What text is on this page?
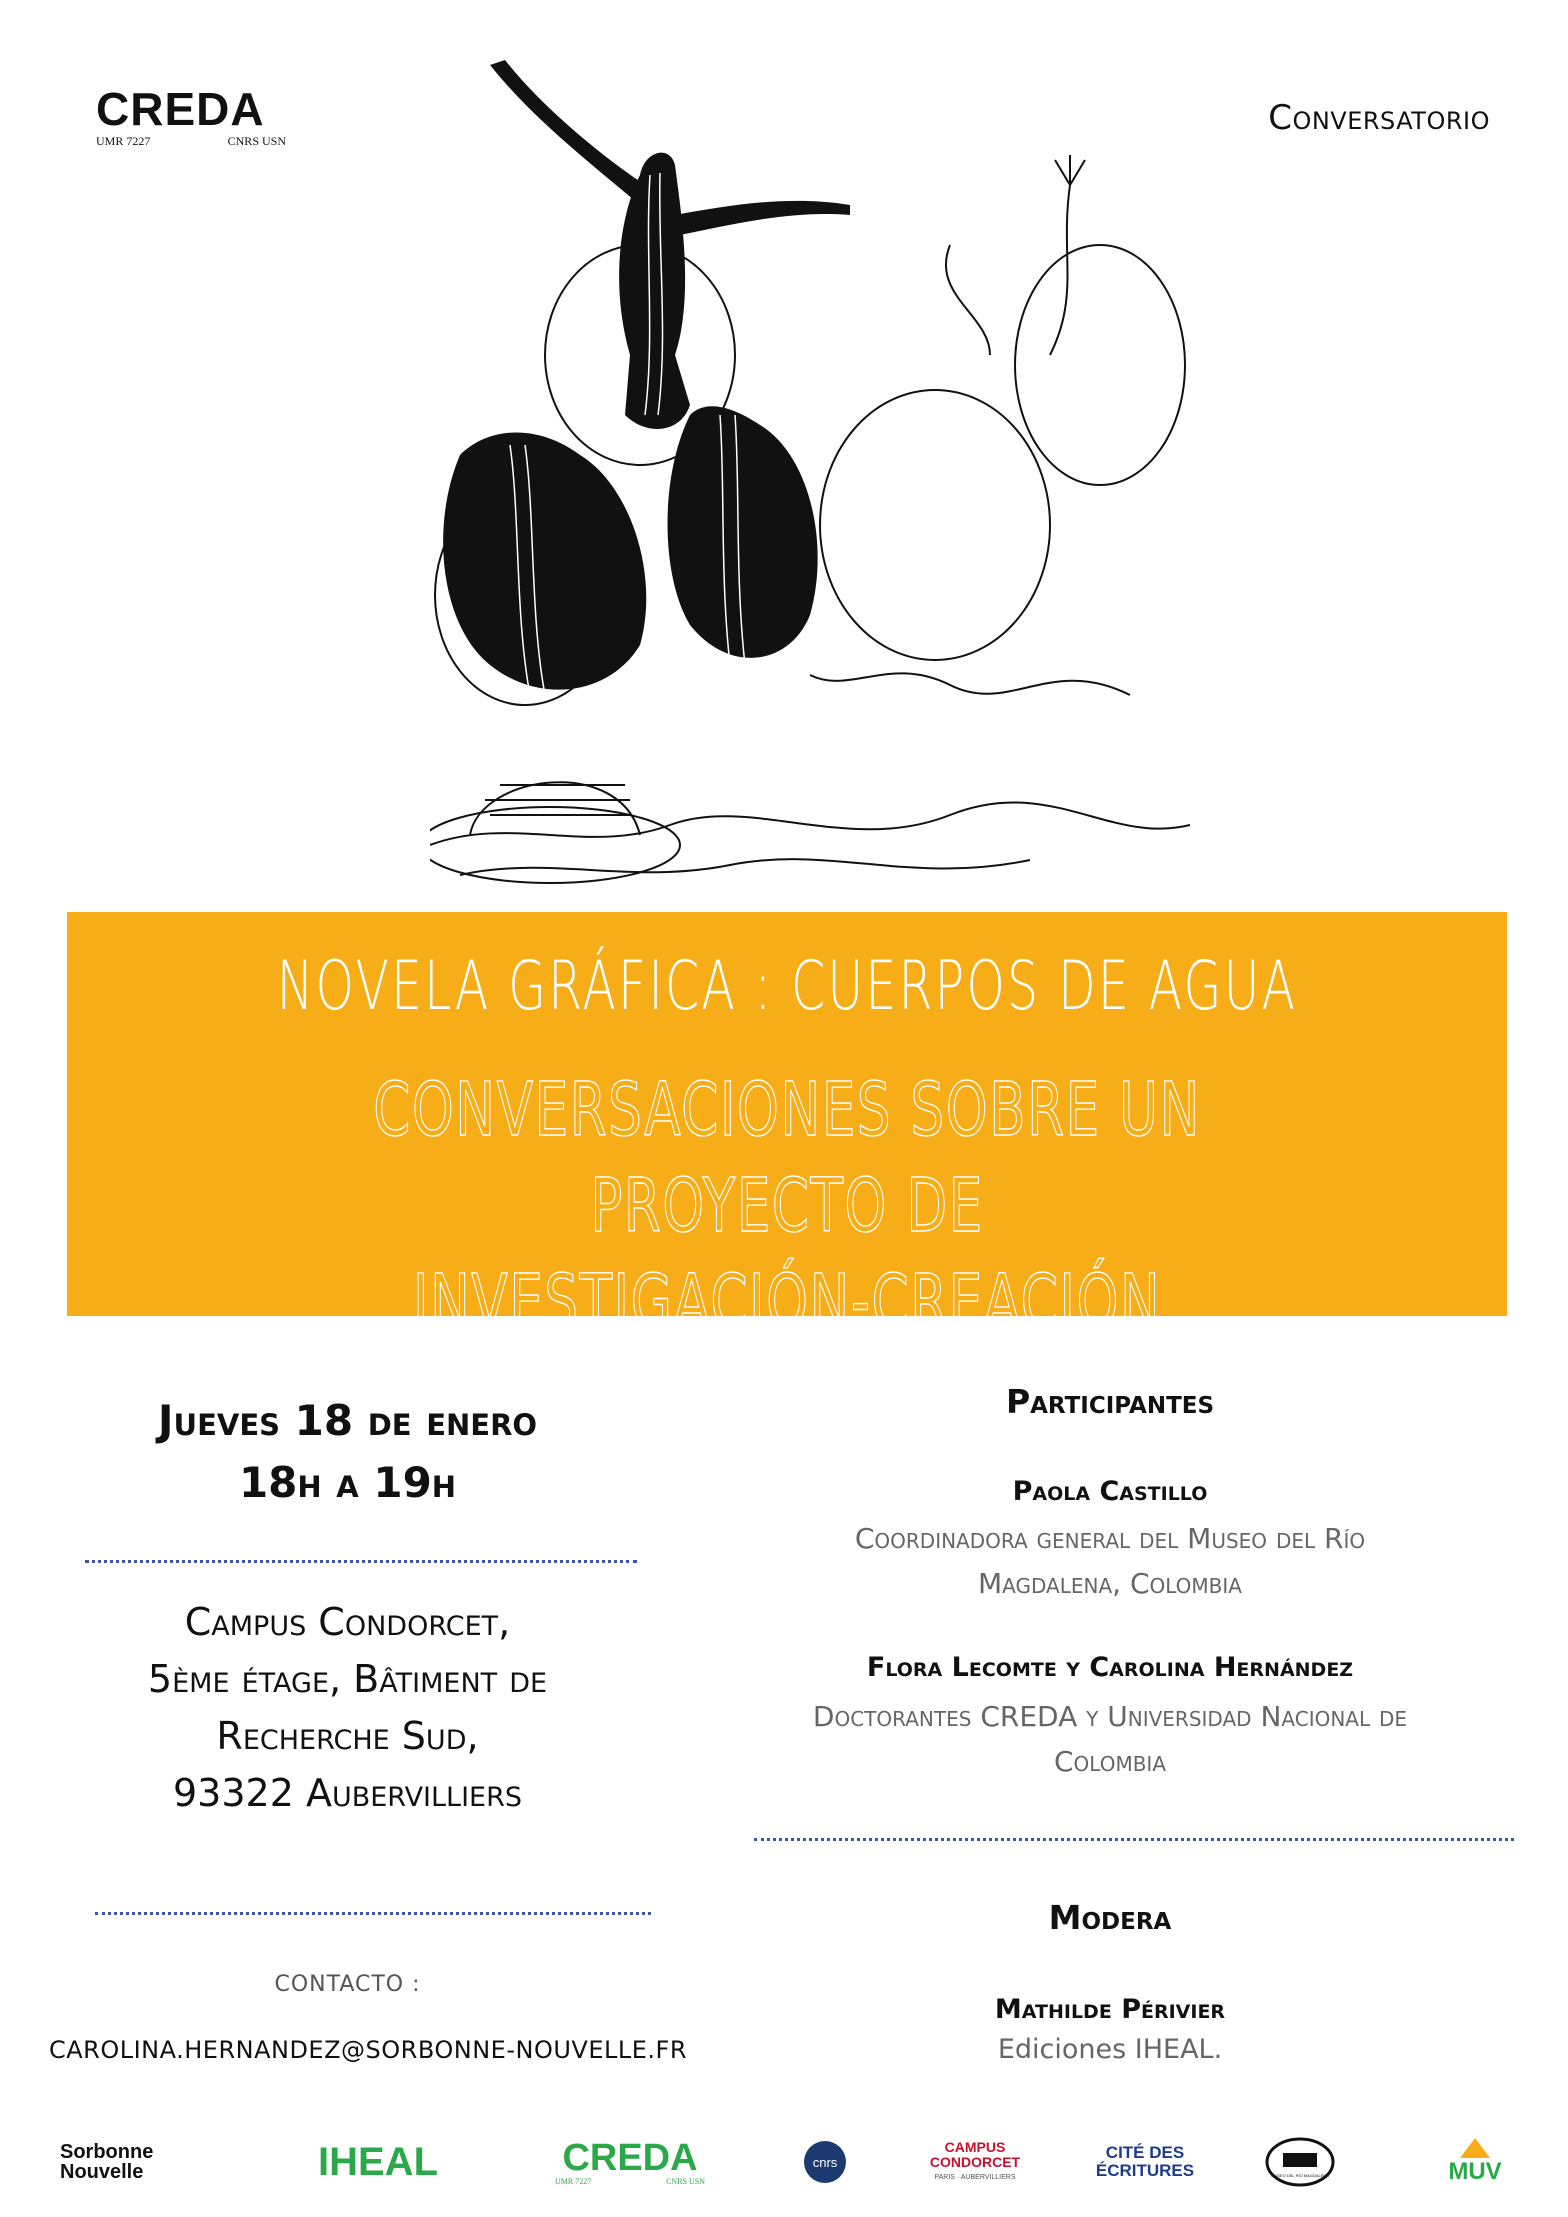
CREDA
UMR 7227	CNRS USN
Conversatorio
NOVELA GRÁFICA : CUERPOS DE AGUA
CONVERSACIONES SOBRE UN PROYECTO DE
INVESTIGACIÓN-CREACIÓN
Jueves 18 de enero
18h a 19h
Campus Condorcet,
5ème étage, Bâtiment de
Recherche Sud,
93322 Aubervilliers
CONTACTO :
CAROLINA.HERNANDEZ@SORBONNE-NOUVELLE.FR
Participantes
Paola Castillo
Coordinadora general del Museo del Río
Magdalena, Colombia
Flora Lecomte y Carolina Hernández
Doctorantes CREDA y Universidad Nacional de
Colombia
Modera
Mathilde Périvier
Ediciones IHEAL.
Sorbonne
Nouvelle	IHEAL	CREDA
UMR 7227	CNRS USN
cnrs
CAMPUS
CONDORCET
PARIS · AUBERVILLIERS
CITÉ DES
ÉCRITURES	MUSEO DEL RÍO MAGDALENA	MUV
